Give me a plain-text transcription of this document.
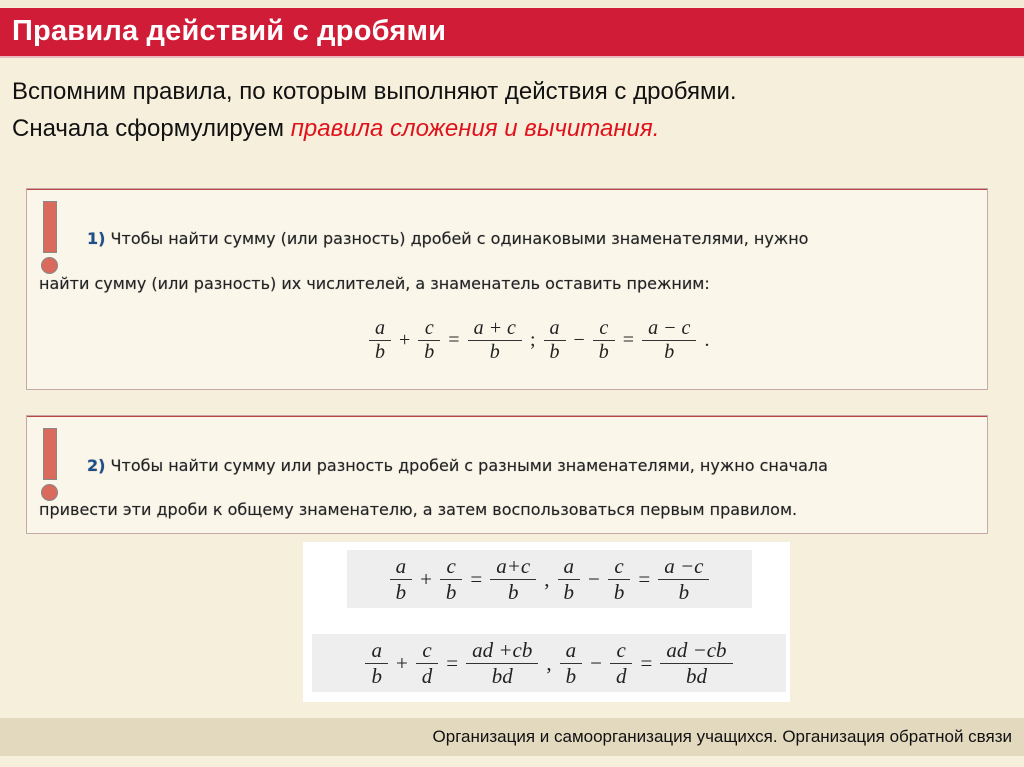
Правила действий с дробями
Вспомним правила, по которым выполняют действия с дробями.
Сначала сформулируем правила сложения и вычитания.
1) Чтобы найти сумму (или разность) дробей с одинаковыми знаменателями, нужно
найти сумму (или разность) их числителей, а знаменатель оставить прежним:
$\frac{a}{b} + \frac{c}{b} = \frac{a + c}{b}$ ; $\frac{a}{b} - \frac{c}{b} = \frac{a - c}{b}$ .
2) Чтобы найти сумму или разность дробей с разными знаменателями, нужно сначала
привести эти дроби к общему знаменателю, а затем воспользоваться первым правилом.
$\frac{a}{b} + \frac{c}{b} = \frac{a+c}{b}$ , $\frac{a}{b} - \frac{c}{b} = \frac{a -c}{b}$
$\frac{a}{b} + \frac{c}{d} = \frac{ad +cb}{bd}$ , $\frac{a}{b} - \frac{c}{d} = \frac{ad -cb}{bd}$
Организация и самоорганизация учащихся. Организация обратной связи
